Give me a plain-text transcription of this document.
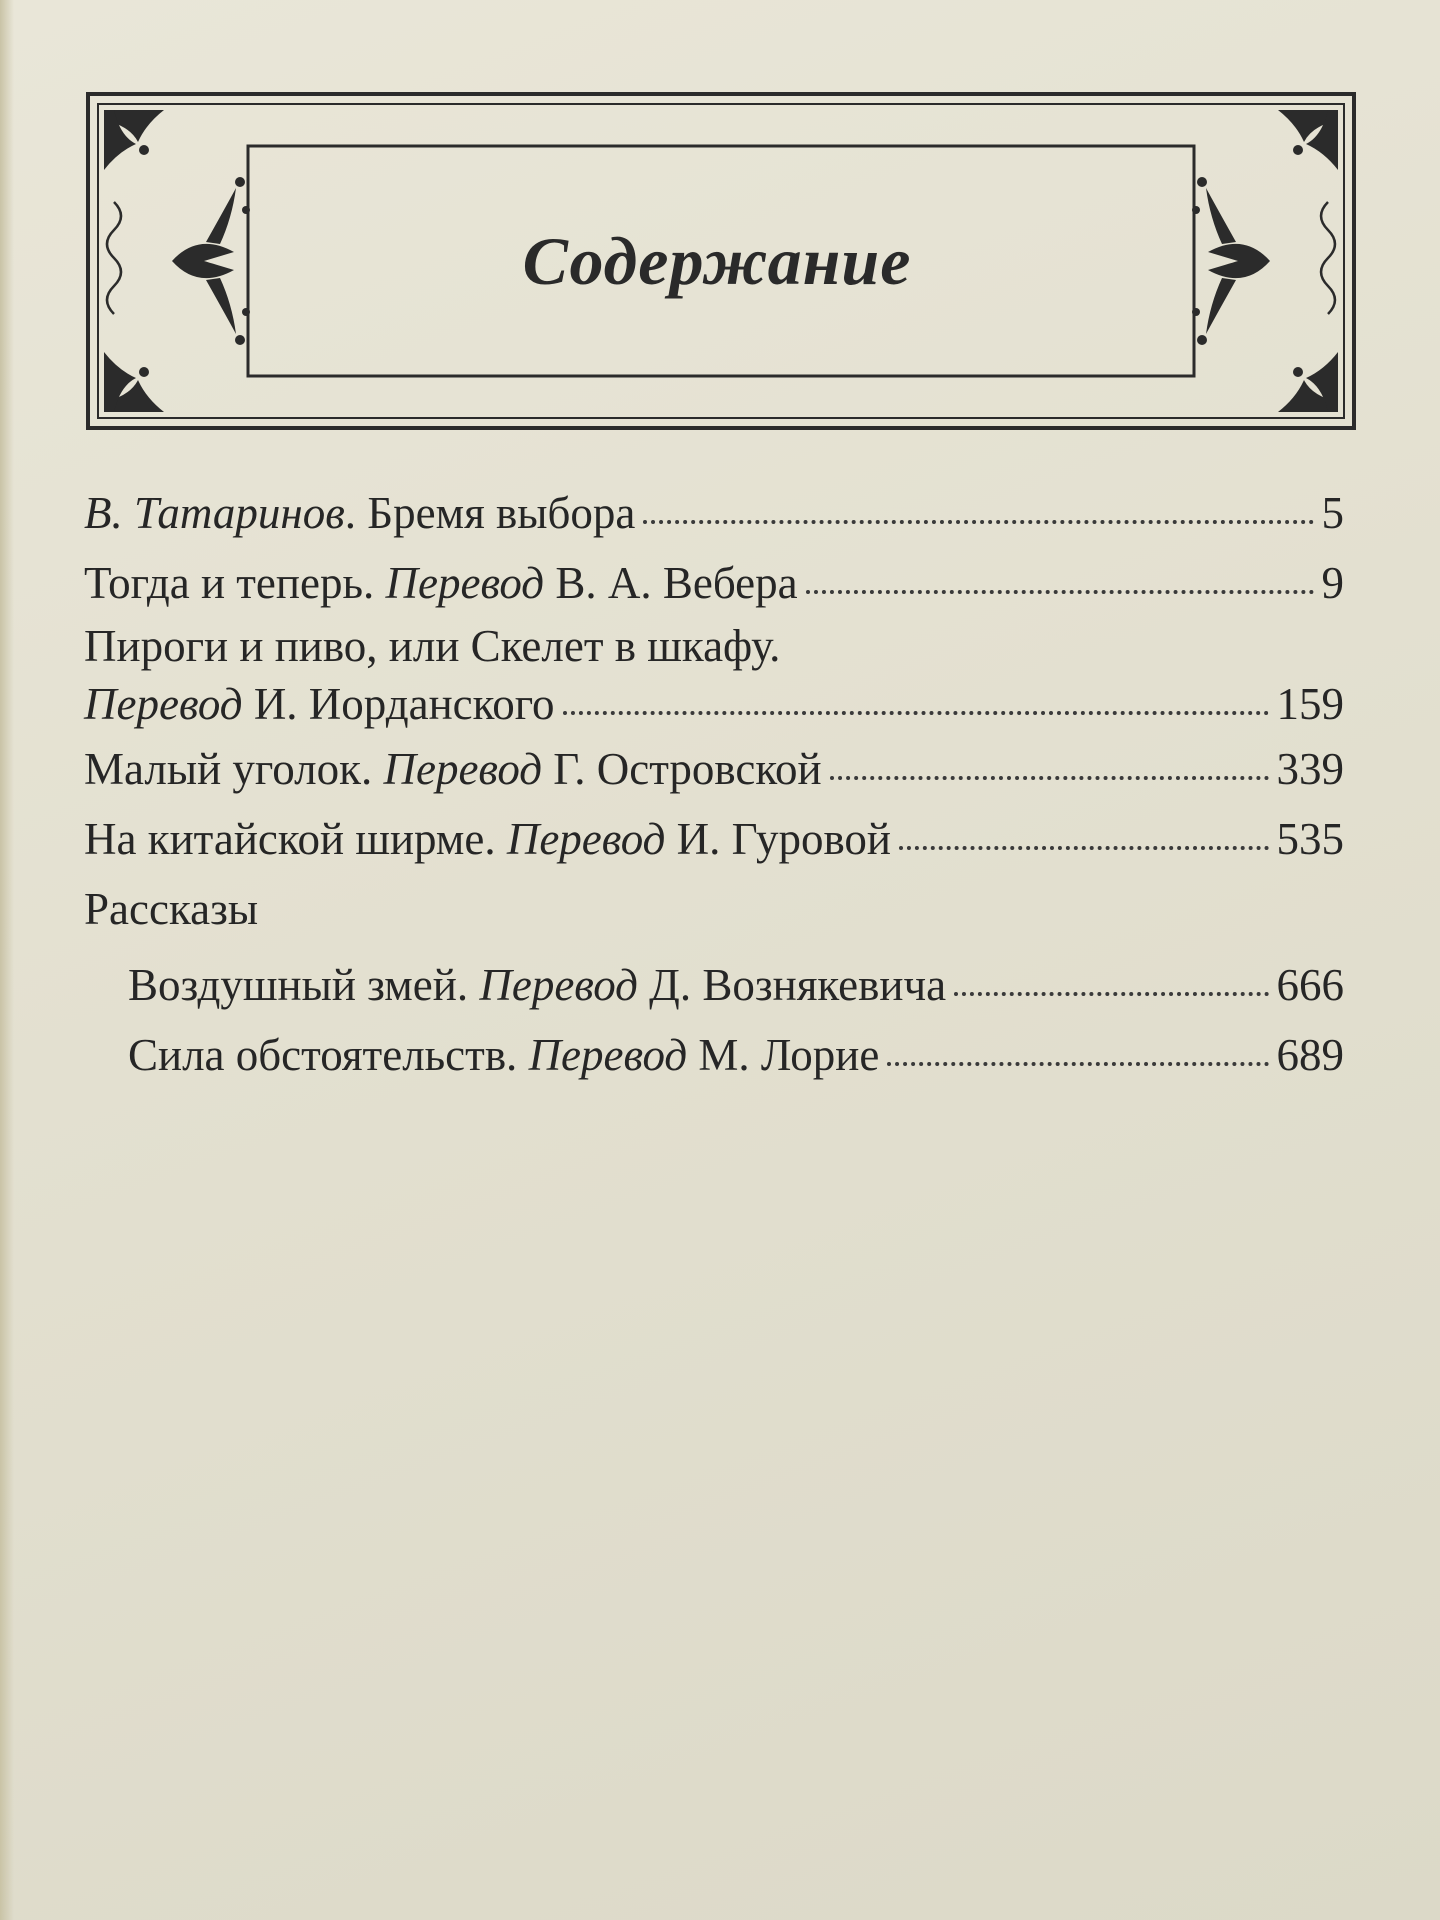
Содержание
В. Татаринов. Бремя выбора	5
Тогда и теперь. Перевод В. А. Вебера	9
Пироги и пиво, или Скелет в шкафу.
Перевод И. Иорданского	159
Малый уголок. Перевод Г. Островской	339
На китайской ширме. Перевод И. Гуровой	535
Рассказы
Воздушный змей. Перевод Д. Вознякевича	666
Сила обстоятельств. Перевод М. Лорие	689
